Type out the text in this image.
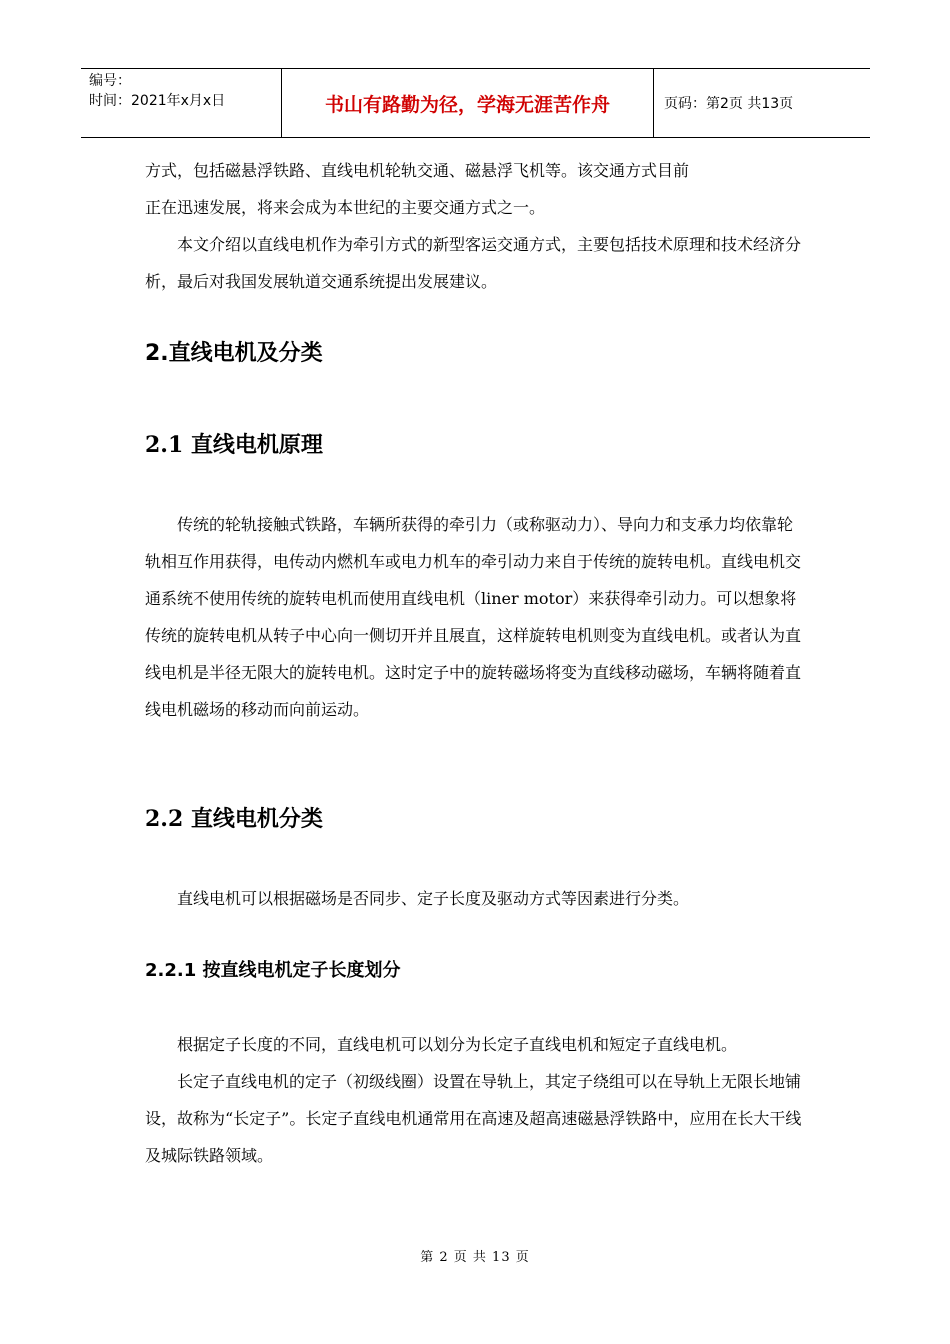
编号：
时间：2021年x月x日	书山有路勤为径，学海无涯苦作舟	页码：第2页 共13页

方式，包括磁悬浮铁路、直线电机轮轨交通、磁悬浮飞机等。该交通方式目前

正在迅速发展，将来会成为本世纪的主要交通方式之一。

本文介绍以直线电机作为牵引方式的新型客运交通方式，主要包括技术原理和技术经济分析，最后对我国发展轨道交通系统提出发展建议。

2.直线电机及分类
2.1 直线电机原理

传统的轮轨接触式铁路，车辆所获得的牵引力（或称驱动力）、导向力和支承力均依靠轮轨相互作用获得，电传动内燃机车或电力机车的牵引动力来自于传统的旋转电机。直线电机交通系统不使用传统的旋转电机而使用直线电机（liner motor）来获得牵引动力。可以想象将传统的旋转电机从转子中心向一侧切开并且展直，这样旋转电机则变为直线电机。或者认为直线电机是半径无限大的旋转电机。这时定子中的旋转磁场将变为直线移动磁场，车辆将随着直线电机磁场的移动而向前运动。

2.2 直线电机分类

直线电机可以根据磁场是否同步、定子长度及驱动方式等因素进行分类。

2.2.1 按直线电机定子长度划分

根据定子长度的不同，直线电机可以划分为长定子直线电机和短定子直线电机。

长定子直线电机的定子（初级线圈）设置在导轨上，其定子绕组可以在导轨上无限长地铺设，故称为“长定子”。长定子直线电机通常用在高速及超高速磁悬浮铁路中，应用在长大干线及城际铁路领域。

第 2 页 共 13 页
